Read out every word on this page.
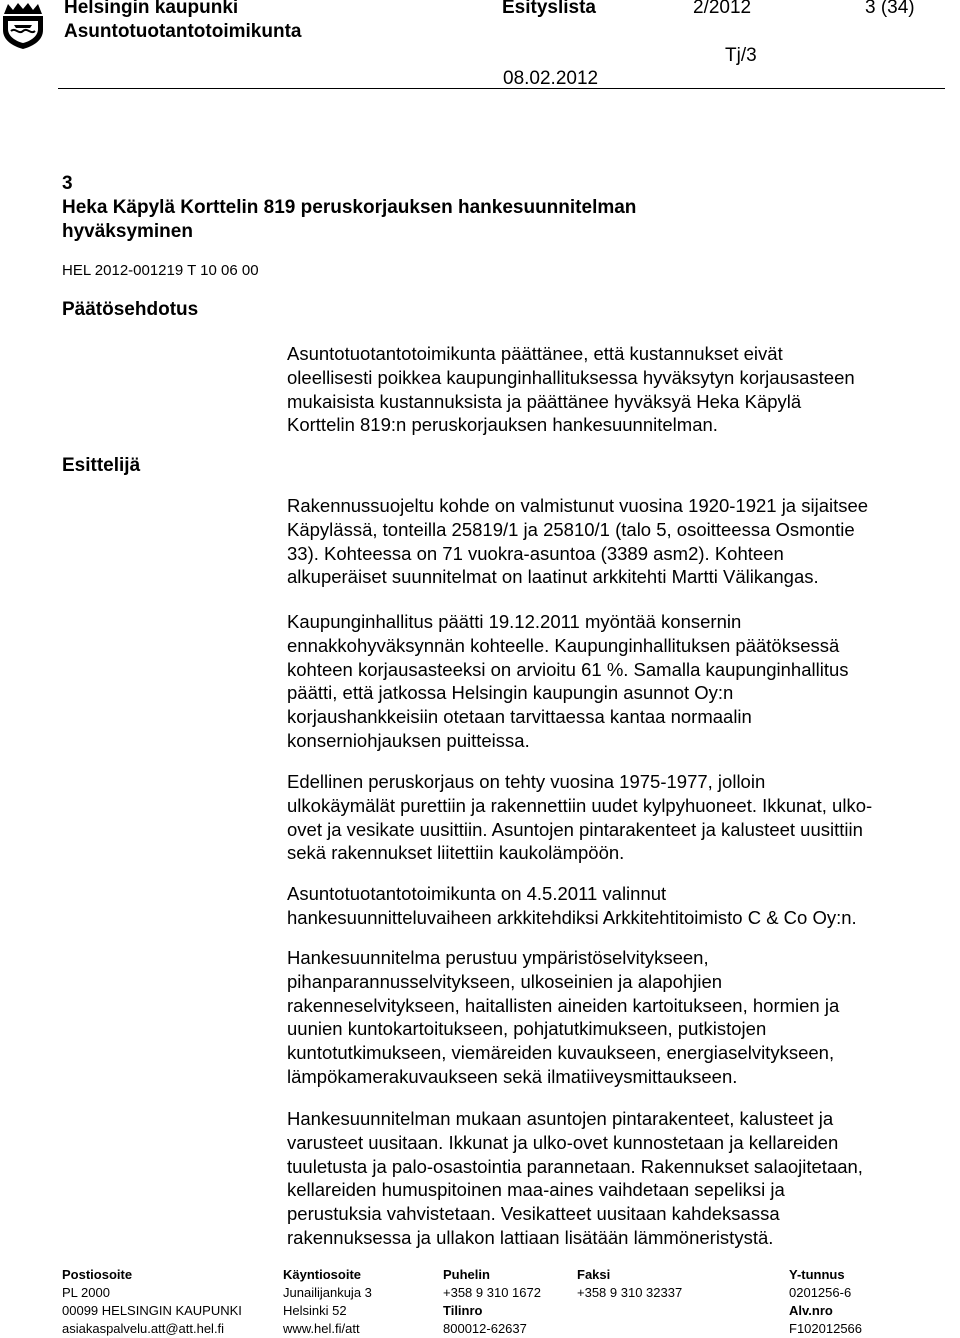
Helsingin kaupunki
Asuntotuotantotoimikunta
Esityslista	2/2012	3 (34)
Tj/3
08.02.2012
3
Heka Käpylä Korttelin 819 peruskorjauksen hankesuunnitelman
hyväksyminen
HEL 2012-001219 T 10 06 00
Päätösehdotus
Esittelijä

Asuntotuotantotoimikunta päättänee, että kustannukset eivät

oleellisesti poikkea kaupunginhallituksessa hyväksytyn korjausasteen

mukaisista kustannuksista ja päättänee hyväksyä Heka Käpylä

Korttelin 819:n peruskorjauksen hankesuunnitelman.

Rakennussuojeltu kohde on valmistunut vuosina 1920-1921 ja sijaitsee

Käpylässä, tonteilla 25819/1 ja 25810/1 (talo 5, osoitteessa Osmontie

33). Kohteessa on 71 vuokra-asuntoa (3389 asm2). Kohteen

alkuperäiset suunnitelmat on laatinut arkkitehti Martti Välikangas.

Kaupunginhallitus päätti 19.12.2011 myöntää konsernin

ennakkohyväksynnän kohteelle. Kaupunginhallituksen päätöksessä

kohteen korjausasteeksi on arvioitu 61 %. Samalla kaupunginhallitus

päätti, että jatkossa Helsingin kaupungin asunnot Oy:n

korjaushankkeisiin otetaan tarvittaessa kantaa normaalin

konserniohjauksen puitteissa.

Edellinen peruskorjaus on tehty vuosina 1975-1977, jolloin

ulkokäymälät purettiin ja rakennettiin uudet kylpyhuoneet. Ikkunat, ulko-

ovet ja vesikate uusittiin. Asuntojen pintarakenteet ja kalusteet uusittiin

sekä rakennukset liitettiin kaukolämpöön.

Asuntotuotantotoimikunta on 4.5.2011 valinnut

hankesuunnitteluvaiheen arkkitehdiksi Arkkitehtitoimisto C & Co Oy:n.

Hankesuunnitelma perustuu ympäristöselvitykseen,

pihanparannusselvitykseen, ulkoseinien ja alapohjien

rakenneselvitykseen, haitallisten aineiden kartoitukseen, hormien ja

uunien kuntokartoitukseen, pohjatutkimukseen, putkistojen

kuntotutkimukseen, viemäreiden kuvaukseen, energiaselvitykseen,

lämpökamerakuvaukseen sekä ilmatiiveysmittaukseen.

Hankesuunnitelman mukaan asuntojen pintarakenteet, kalusteet ja

varusteet uusitaan. Ikkunat ja ulko-ovet kunnostetaan ja kellareiden

tuuletusta ja palo-osastointia parannetaan. Rakennukset salaojitetaan,

kellareiden humuspitoinen maa-aines vaihdetaan sepeliksi ja

perustuksia vahvistetaan. Vesikatteet uusitaan kahdeksassa

rakennuksessa ja ullakon lattiaan lisätään lämmöneristystä.

Postiosoite
PL 2000
00099 HELSINGIN KAUPUNKI
asiakaspalvelu.att@att.hel.fi
Käyntiosoite
Junailijankuja 3
Helsinki 52
www.hel.fi/att
Puhelin
+358 9 310 1672
Tilinro
800012-62637
Faksi
+358 9 310 32337
Y-tunnus
0201256-6
Alv.nro
F102012566
